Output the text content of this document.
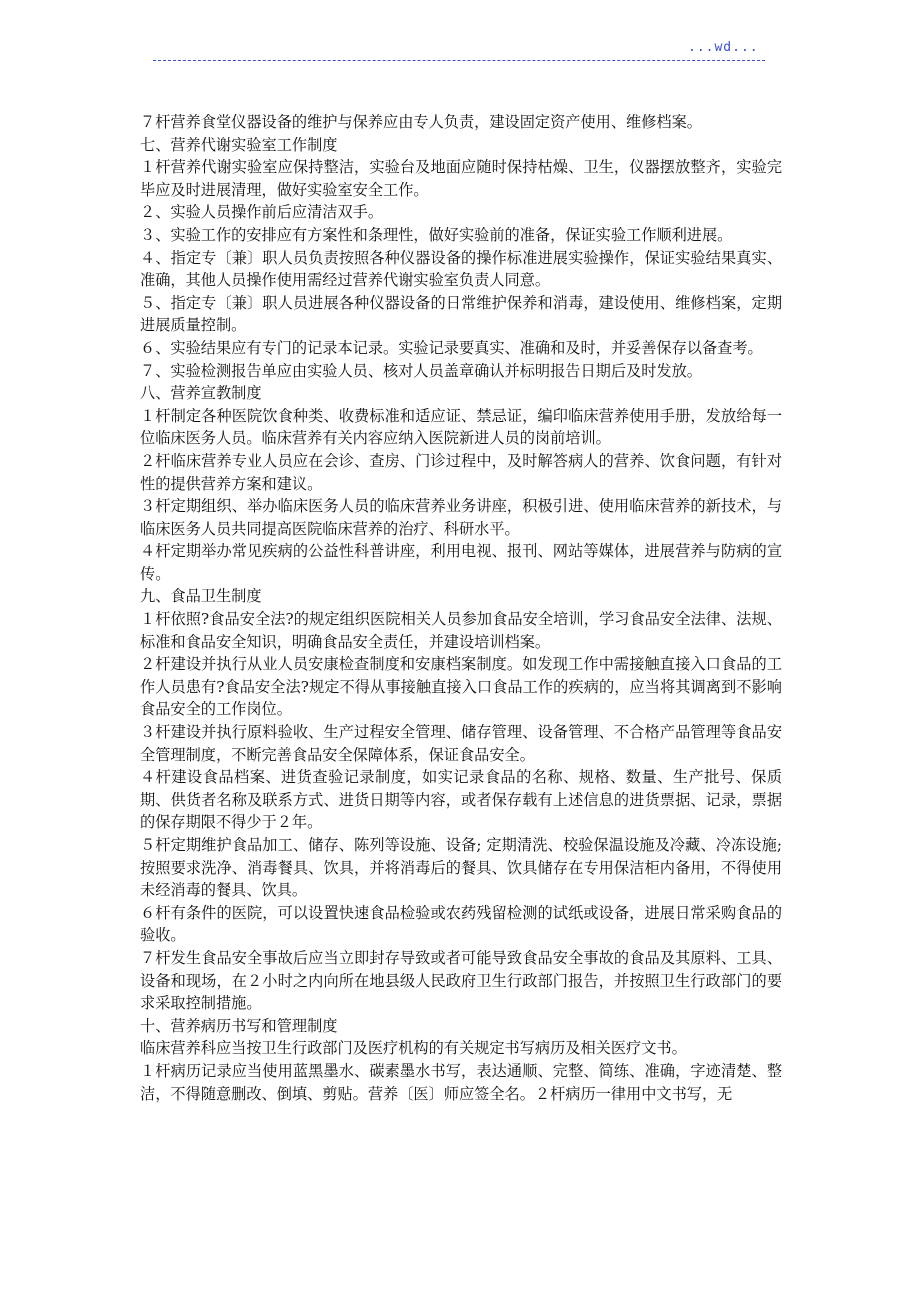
...wd...

７杆营养食堂仪器设备的维护与保养应由专人负责，建设固定资产使用、维修档案。

七、营养代谢实验室工作制度

１杆营养代谢实验室应保持整洁，实验台及地面应随时保持枯燥、卫生，仪器摆放整齐，实验完毕应及时进展清理，做好实验室安全工作。

２、实验人员操作前后应清洁双手。

３、实验工作的安排应有方案性和条理性，做好实验前的准备，保证实验工作顺利进展。

４、指定专〔兼〕职人员负责按照各种仪器设备的操作标准进展实验操作，保证实验结果真实、准确，其他人员操作使用需经过营养代谢实验室负责人同意。

５、指定专〔兼〕职人员进展各种仪器设备的日常维护保养和消毒，建设使用、维修档案，定期进展质量控制。

６、实验结果应有专门的记录本记录。实验记录要真实、准确和及时，并妥善保存以备查考。

７、实验检测报告单应由实验人员、核对人员盖章确认并标明报告日期后及时发放。

八、营养宣教制度

１杆制定各种医院饮食种类、收费标准和适应证、禁忌证，编印临床营养使用手册，发放给每一位临床医务人员。临床营养有关内容应纳入医院新进人员的岗前培训。

２杆临床营养专业人员应在会诊、查房、门诊过程中，及时解答病人的营养、饮食问题，有针对性的提供营养方案和建议。

３杆定期组织、举办临床医务人员的临床营养业务讲座，积极引进、使用临床营养的新技术，与临床医务人员共同提高医院临床营养的治疗、科研水平。

４杆定期举办常见疾病的公益性科普讲座，利用电视、报刊、网站等媒体，进展营养与防病的宣传。

九、食品卫生制度

１杆依照?食品安全法?的规定组织医院相关人员参加食品安全培训，学习食品安全法律、法规、标准和食品安全知识，明确食品安全责任，并建设培训档案。

２杆建设并执行从业人员安康检查制度和安康档案制度。如发现工作中需接触直接入口食品的工作人员患有?食品安全法?规定不得从事接触直接入口食品工作的疾病的，应当将其调离到不影响食品安全的工作岗位。

３杆建设并执行原料验收、生产过程安全管理、储存管理、设备管理、不合格产品管理等食品安全管理制度，不断完善食品安全保障体系，保证食品安全。

４杆建设食品档案、进货查验记录制度，如实记录食品的名称、规格、数量、生产批号、保质期、供货者名称及联系方式、进货日期等内容，或者保存载有上述信息的进货票据、记录，票据的保存期限不得少于２年。

５杆定期维护食品加工、储存、陈列等设施、设备; 定期清洗、校验保温设施及冷藏、冷冻设施; 按照要求洗净、消毒餐具、饮具，并将消毒后的餐具、饮具储存在专用保洁柜内备用，不得使用未经消毒的餐具、饮具。

６杆有条件的医院，可以设置快速食品检验或农药残留检测的试纸或设备，进展日常采购食品的验收。

７杆发生食品安全事故后应当立即封存导致或者可能导致食品安全事故的食品及其原料、工具、设备和现场，在２小时之内向所在地县级人民政府卫生行政部门报告，并按照卫生行政部门的要求采取控制措施。

十、营养病历书写和管理制度

临床营养科应当按卫生行政部门及医疗机构的有关规定书写病历及相关医疗文书。

１杆病历记录应当使用蓝黑墨水、碳素墨水书写，表达通顺、完整、简练、准确，字迹清楚、整洁，不得随意删改、倒填、剪贴。营养〔医〕师应签全名。２杆病历一律用中文书写，无
